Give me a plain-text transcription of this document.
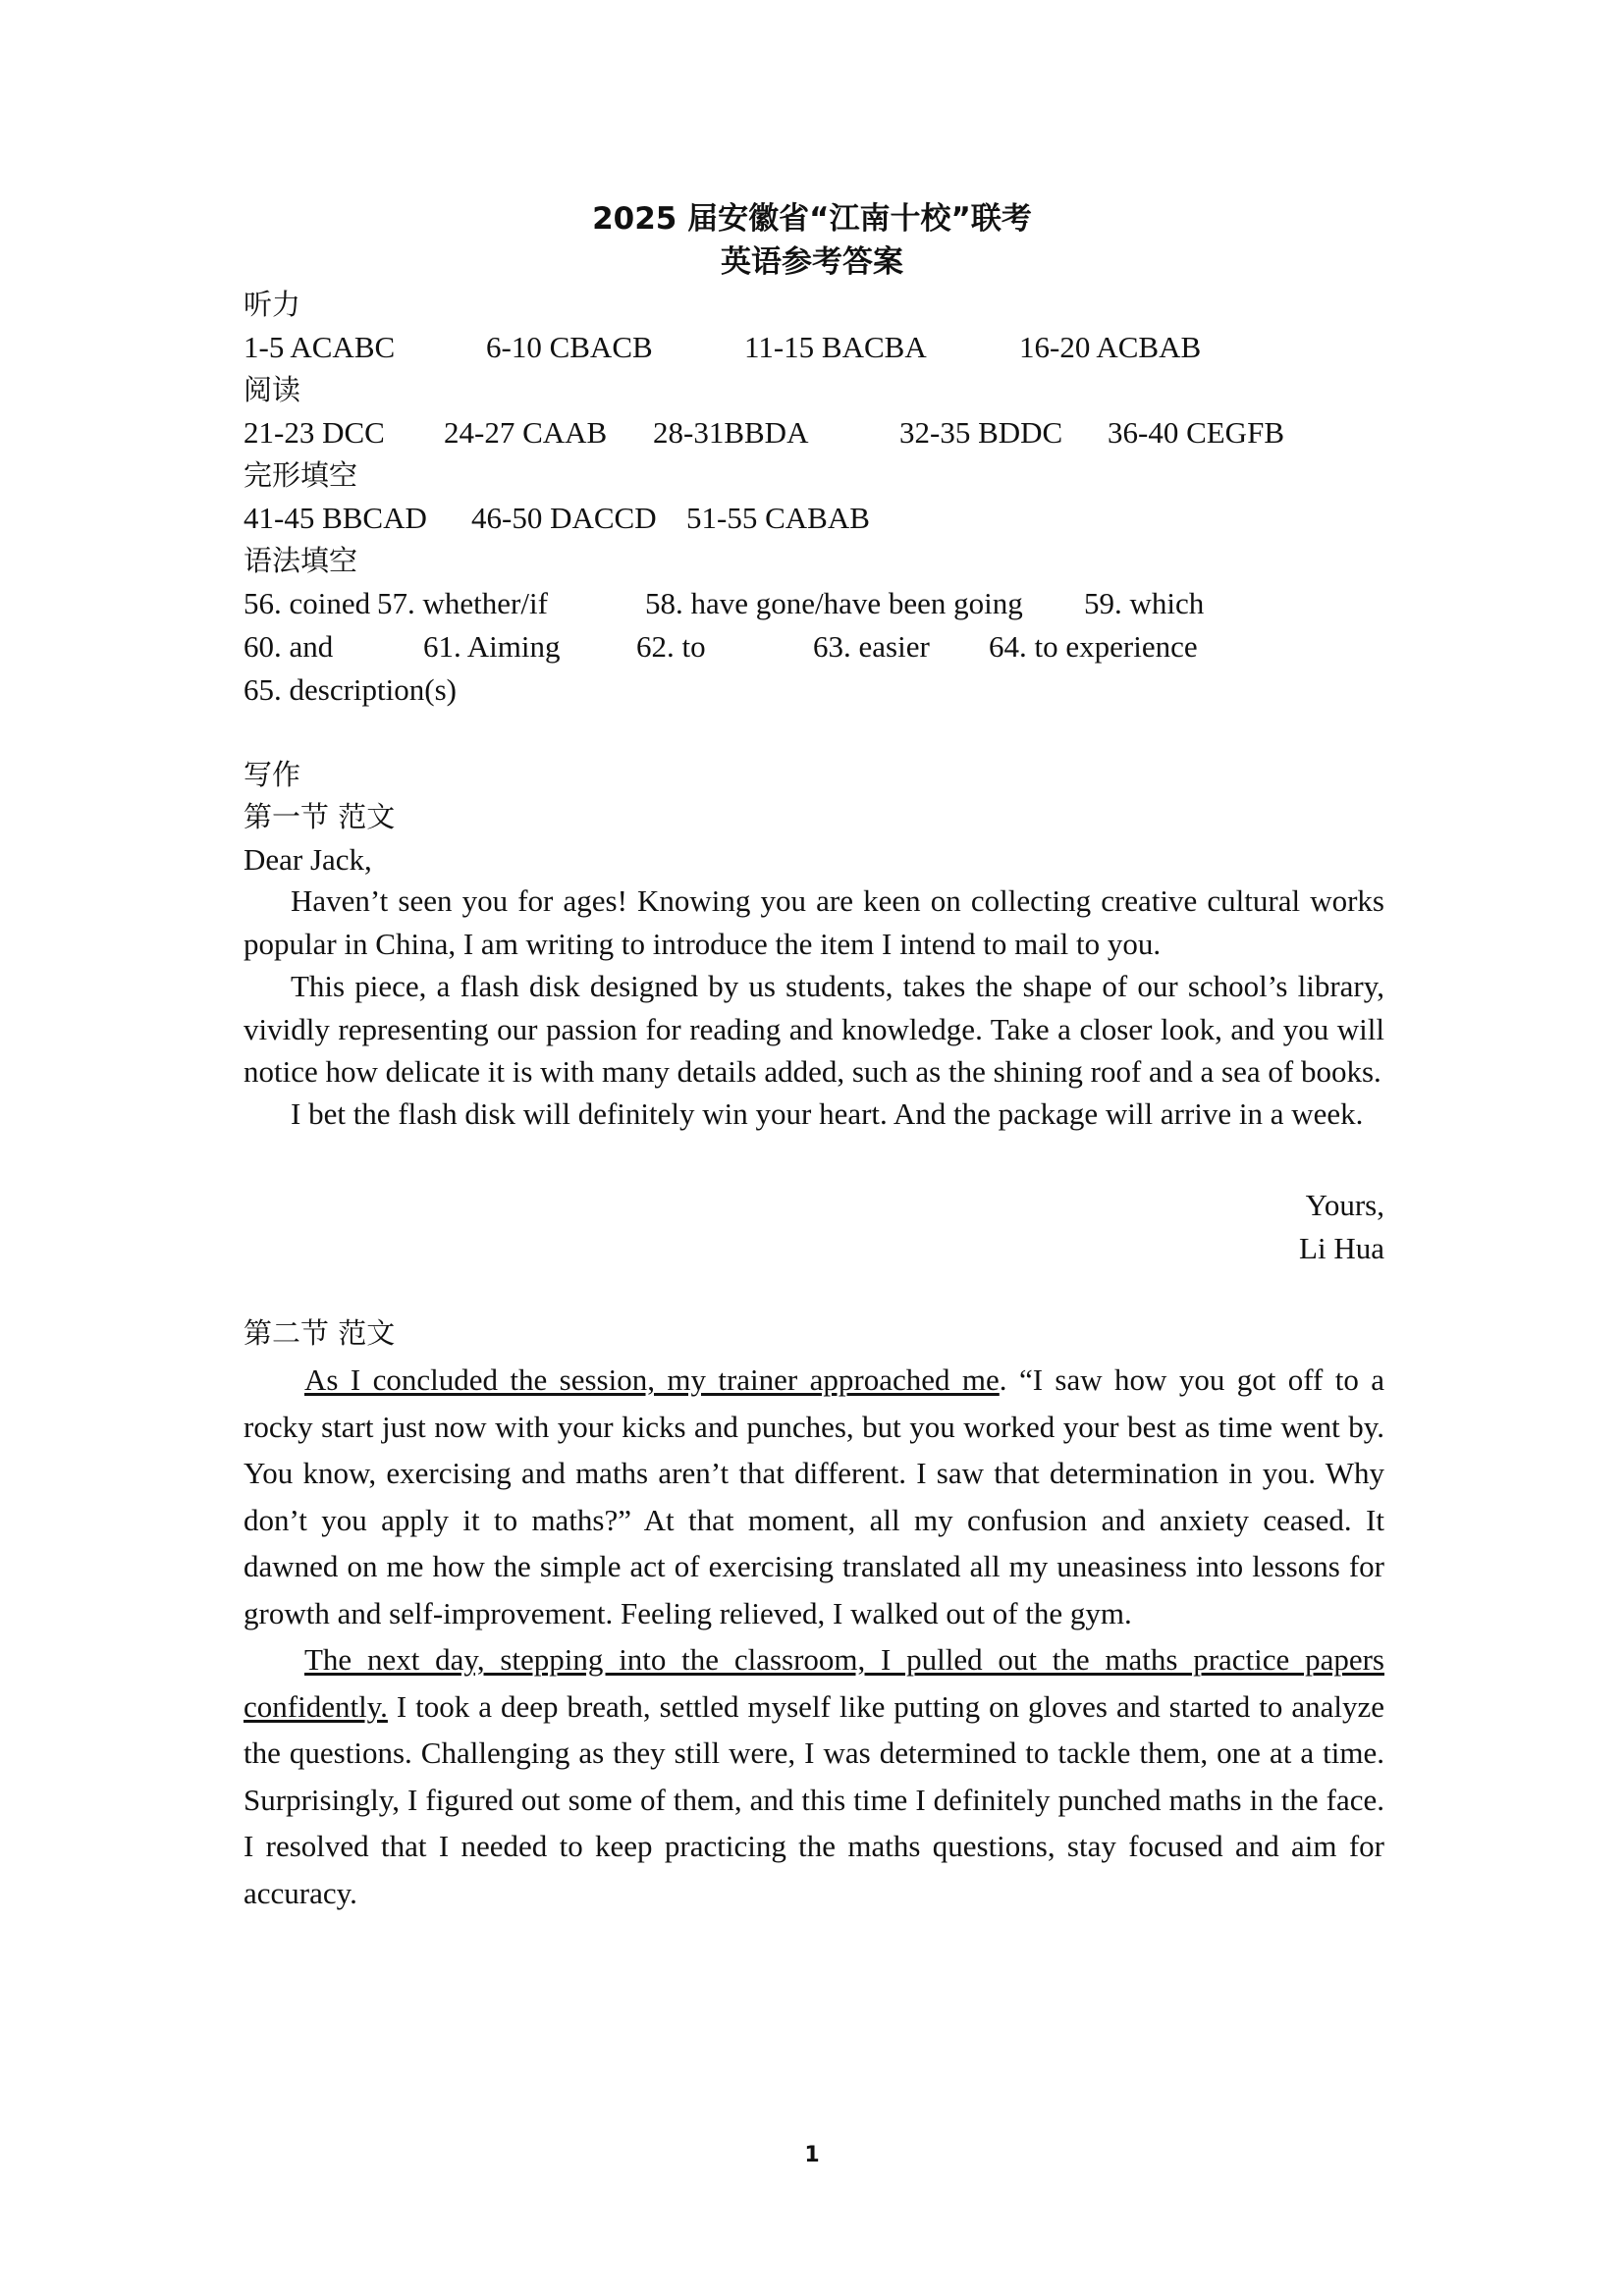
2025 届安徽省“江南十校”联考
英语参考答案
听力
1-5 ACABC	6-10 CBACB	11-15 BACBA	16-20 ACBAB
阅读
21-23 DCC 24-27 CAAB 28-31BBDA	32-35 BDDC 36-40 CEGFB
完形填空
41-45 BBCAD 46-50 DACCD 51-55 CABAB
语法填空
56. coined 57. whether/if	58. have gone/have been going 59. which
60. and	61. Aiming 62. to	63. easier 64. to experience
65. description(s)
写作
第一节 范文
Dear Jack,
Haven’t seen you for ages! Knowing you are keen on collecting creative cultural works popular in China, I am writing to introduce the item I intend to mail to you.
This piece, a flash disk designed by us students, takes the shape of our school’s library, vividly representing our passion for reading and knowledge. Take a closer look, and you will notice how delicate it is with many details added, such as the shining roof and a sea of books.
I bet the flash disk will definitely win your heart. And the package will arrive in a week.
Yours,
Li Hua
第二节 范文
As I concluded the session, my trainer approached me. “I saw how you got off to a rocky start just now with your kicks and punches, but you worked your best as time went by. You know, exercising and maths aren’t that different. I saw that determination in you. Why don’t you apply it to maths?” At that moment, all my confusion and anxiety ceased. It dawned on me how the simple act of exercising translated all my uneasiness into lessons for growth and self-improvement. Feeling relieved, I walked out of the gym.
The next day, stepping into the classroom, I pulled out the maths practice papers confidently. I took a deep breath, settled myself like putting on gloves and started to analyze the questions. Challenging as they still were, I was determined to tackle them, one at a time. Surprisingly, I figured out some of them, and this time I definitely punched maths in the face. I resolved that I needed to keep practicing the maths questions, stay focused and aim for accuracy.
1
